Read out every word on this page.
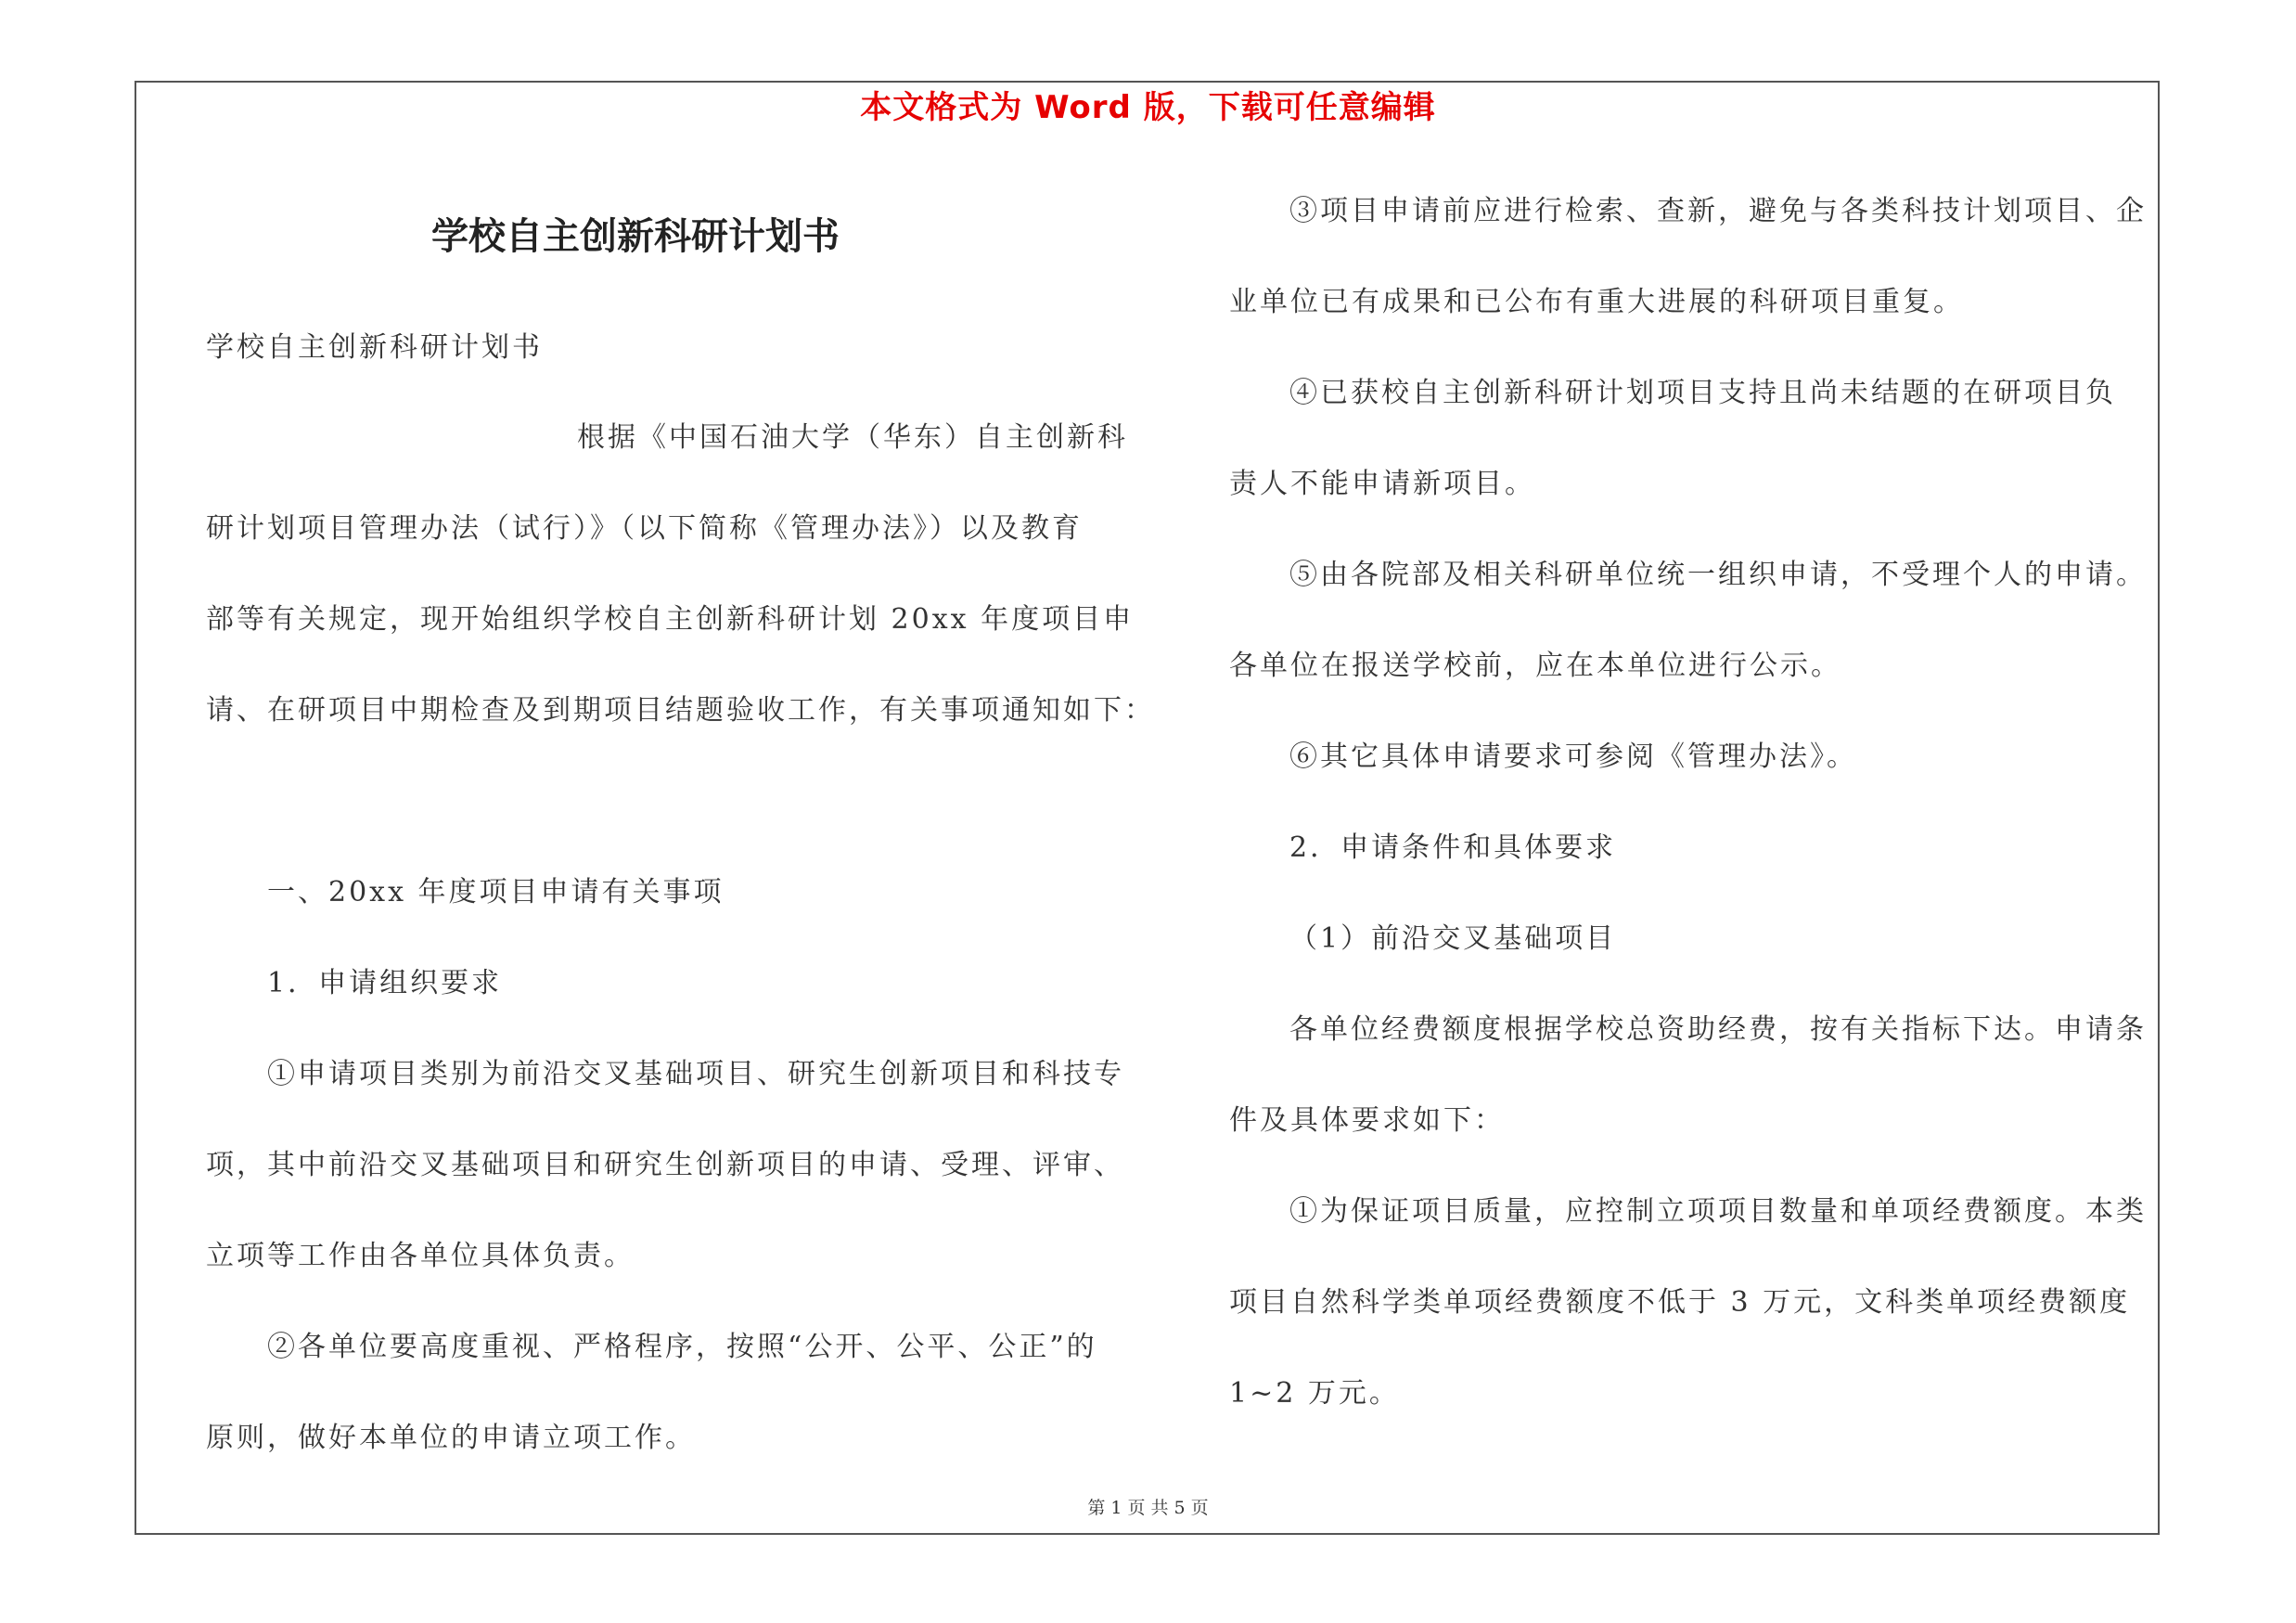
本文格式为 Word 版，下载可任意编辑
学校自主创新科研计划书
学校自主创新科研计划书
根据《中国石油大学（华东）自主创新科
研计划项目管理办法（试行）》（以下简称《管理办法》）以及教育
部等有关规定，现开始组织学校自主创新科研计划 20xx 年度项目申
请、在研项目中期检查及到期项目结题验收工作，有关事项通知如下：
一、20xx 年度项目申请有关事项
1．申请组织要求
①申请项目类别为前沿交叉基础项目、研究生创新项目和科技专
项，其中前沿交叉基础项目和研究生创新项目的申请、受理、评审、
立项等工作由各单位具体负责。
②各单位要高度重视、严格程序，按照“公开、公平、公正”的
原则，做好本单位的申请立项工作。
③项目申请前应进行检索、查新，避免与各类科技计划项目、企
业单位已有成果和已公布有重大进展的科研项目重复。
④已获校自主创新科研计划项目支持且尚未结题的在研项目负
责人不能申请新项目。
⑤由各院部及相关科研单位统一组织申请，不受理个人的申请。
各单位在报送学校前，应在本单位进行公示。
⑥其它具体申请要求可参阅《管理办法》。
2．申请条件和具体要求
（1）前沿交叉基础项目
各单位经费额度根据学校总资助经费，按有关指标下达。申请条
件及具体要求如下：
①为保证项目质量，应控制立项项目数量和单项经费额度。本类
项目自然科学类单项经费额度不低于 3 万元，文科类单项经费额度
1~2 万元。
第 1 页 共 5 页
